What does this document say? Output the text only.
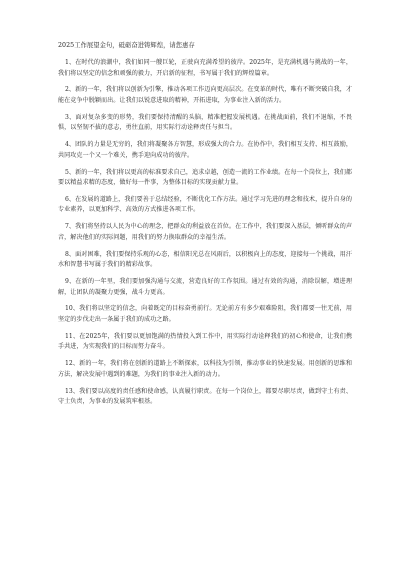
2025工作展望金句，砥砺奋进铸辉煌，请您惠存

1、在时代的浪潮中，我们如同一艘巨轮，正驶向充满希望的彼岸。2025年，是充满机遇与挑战的一年，我们将以坚定的信念和顽强的毅力，开启新的征程，书写属于我们的辉煌篇章。

2、新的一年，我们将以创新为引擎，推动各项工作迈向更高层次。在变革的时代，唯有不断突破自我，才能在竞争中脱颖而出。让我们以锐意进取的精神，开拓进取，为事业注入新的活力。

3、面对复杂多变的形势，我们要保持清醒的头脑，精准把握发展机遇。在挑战面前，我们不退缩，不畏惧，以坚韧不拔的意志，勇往直前，用实际行动诠释责任与担当。

4、团队的力量是无穷的，我们将凝聚各方智慧，形成强大的合力。在协作中，我们相互支持、相互鼓励，共同攻克一个又一个难关，携手迎向成功的彼岸。

5、新的一年，我们将以更高的标准要求自己，追求卓越，创造一流的工作业绩。在每一个岗位上，我们都要以精益求精的态度，做好每一件事，为整体目标的实现贡献力量。

6、在发展的道路上，我们要善于总结经验，不断优化工作方法。通过学习先进的理念和技术，提升自身的专业素养，以更加科学、高效的方式推进各项工作。

7、我们将坚持以人民为中心的理念，把群众的利益放在首位。在工作中，我们要深入基层，倾听群众的声音，解决他们的实际问题，用我们的努力换取群众的幸福生活。

8、面对困难，我们要保持乐观的心态，相信阳光总在风雨后，以积极向上的态度，迎接每一个挑战，用汗水和智慧书写属于我们的精彩故事。

9、在新的一年里，我们要加强沟通与交流，营造良好的工作氛围。通过有效的沟通，消除误解，增进理解，让团队的凝聚力更强，战斗力更高。

10、我们将以坚定的信念，向着既定的目标奋勇前行。无论前方有多少艰难险阻，我们都要一往无前，用坚定的步伐走出一条属于我们的成功之路。

11、在2025年，我们要以更加饱满的热情投入到工作中，用实际行动诠释我们的初心和使命，让我们携手共进，为实现我们的目标而努力奋斗。

12、新的一年，我们将在创新的道路上不断探索，以科技为引领，推动事业的快速发展。用创新的思维和方法，解决发展中遇到的难题，为我们的事业注入新的动力。

13、我们要以高度的责任感和使命感，认真履行职责。在每一个岗位上，都要尽职尽责，做到守土有责、守土负责，为事业的发展筑牢根基。
